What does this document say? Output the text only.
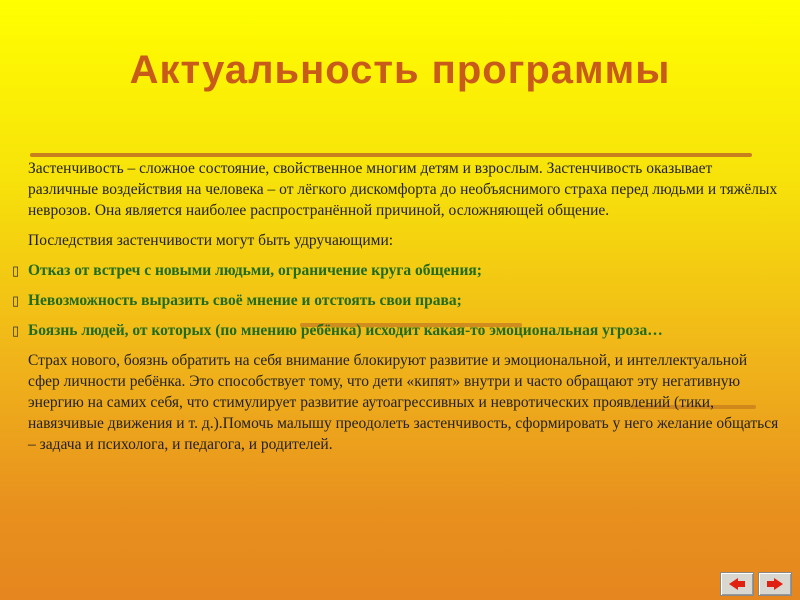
Актуальность программы

Застенчивость – сложное состояние, свойственное многим детям и взрослым. Застенчивость оказывает различные воздействия на человека – от лёгкого дискомфорта до необъяснимого страха перед людьми и тяжёлых неврозов. Она является наиболее распространённой причиной, осложняющей общение.

Последствия застенчивости могут быть удручающими:

▯ Отказ от встреч с новыми людьми, ограничение круга общения;
▯ Невозможность выразить своё мнение и отстоять свои права;
▯ Боязнь людей, от которых (по мнению ребёнка) исходит какая-то эмоциональная угроза…

Страх нового, боязнь обратить на себя внимание блокируют развитие и эмоциональной, и интеллектуальной сфер личности ребёнка. Это способствует тому, что дети «кипят» внутри и часто обращают эту негативную энергию на самих себя, что стимулирует развитие аутоагрессивных и невротических проявлений (тики, навязчивые движения и т. д.).Помочь малышу преодолеть застенчивость, сформировать у него желание общаться – задача и психолога, и педагога, и родителей.
